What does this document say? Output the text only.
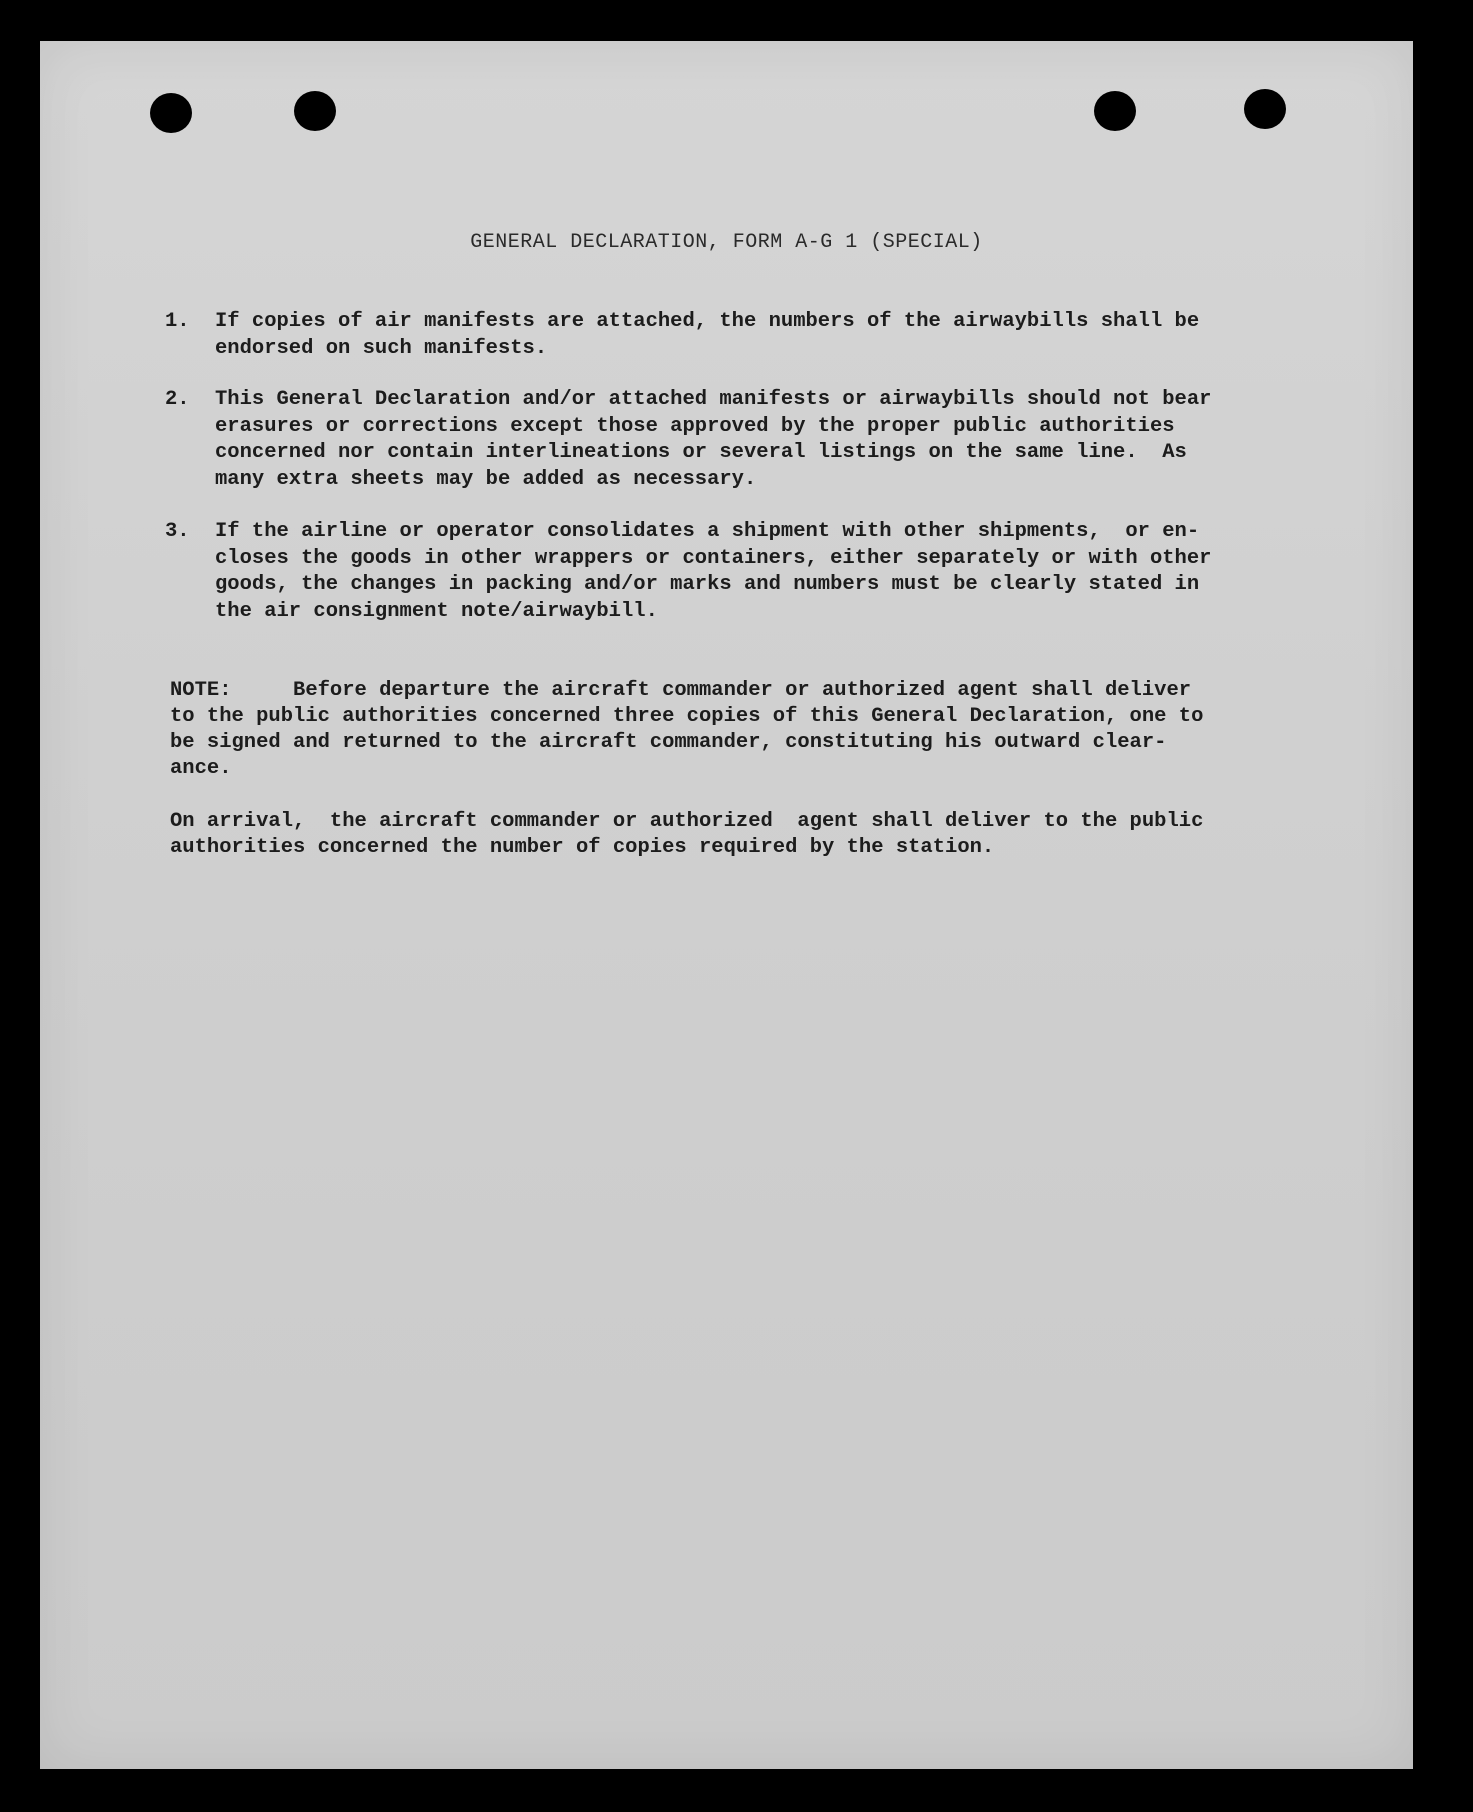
GENERAL DECLARATION, FORM A-G 1 (SPECIAL)
1.	If copies of air manifests are attached, the numbers of the airwaybills shall be
endorsed on such manifests.
2.	This General Declaration and/or attached manifests or airwaybills should not bear
erasures or corrections except those approved by the proper public authorities
concerned nor contain interlineations or several listings on the same line.  As
many extra sheets may be added as necessary.
3.	If the airline or operator consolidates a shipment with other shipments,  or en-
closes the goods in other wrappers or containers, either separately or with other
goods, the changes in packing and/or marks and numbers must be clearly stated in
the air consignment note/airwaybill.
NOTE:     Before departure the aircraft commander or authorized agent shall deliver
to the public authorities concerned three copies of this General Declaration, one to
be signed and returned to the aircraft commander, constituting his outward clear-
ance.
On arrival,  the aircraft commander or authorized  agent shall deliver to the public
authorities concerned the number of copies required by the station.
